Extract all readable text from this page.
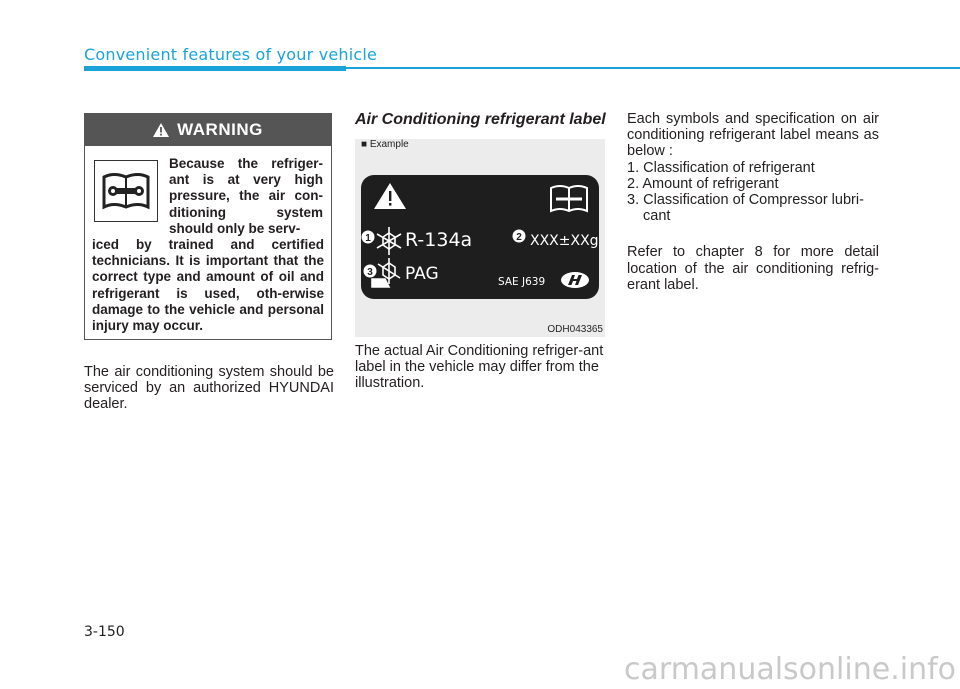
Convenient features of your vehicle
WARNING
Because the refriger-ant is at very high pressure, the air con-ditioning system should only be serv-
iced by trained and certified technicians. It is important that the correct type and amount of oil and refrigerant is used, oth-erwise damage to the vehicle and personal injury may occur.
The air conditioning system should be serviced by an authorized HYUNDAI dealer.
Air Conditioning refrigerant label
■ Example
1	2
3
R-134a	XXX±XXg
PAG	SAE J639
ODH043365
The actual Air Conditioning refriger-ant label in the vehicle may differ from the illustration.

Each symbols and specification on air conditioning refrigerant label means as below :

1. Classification of refrigerant

2. Amount of refrigerant

3. Classification of Compressor lubri-cant

Refer to chapter 8 for more detail location of the air conditioning refrig-erant label.

3-150
carmanualsonline.info
